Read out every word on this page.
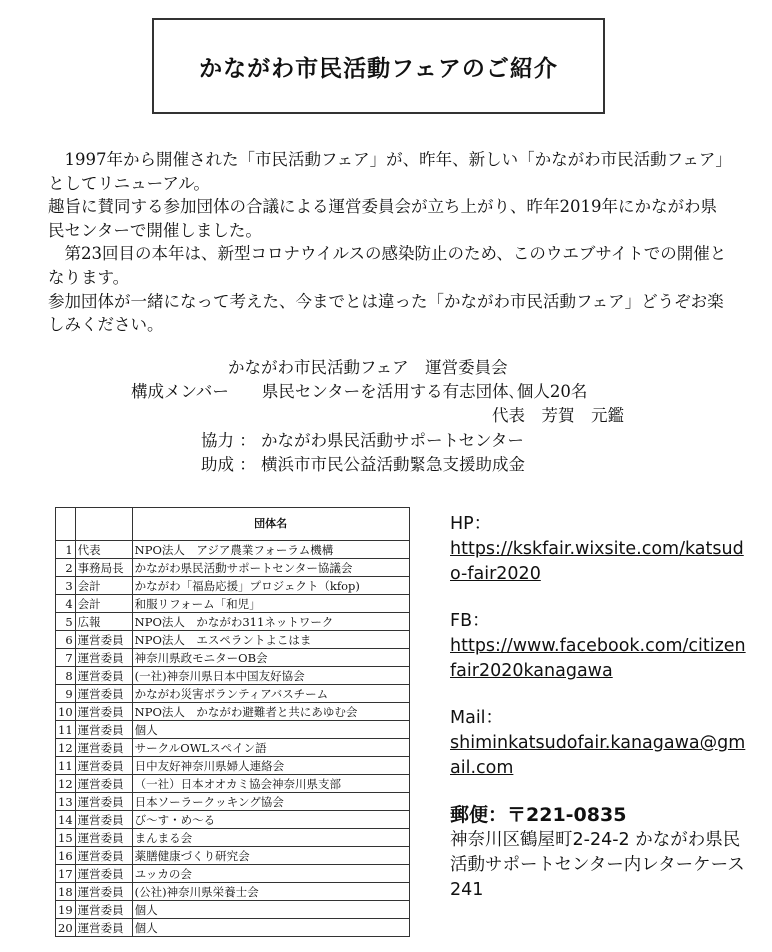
かながわ市民活動フェアのご紹介

1997年から開催された「市民活動フェア」が、昨年、新しい「かながわ市民活動フェア」としてリニューアル。

趣旨に賛同する参加団体の合議による運営委員会が立ち上がり、昨年2019年にかながわ県民センターで開催しました。

第23回目の本年は、新型コロナウイルスの感染防止のため、このウエブサイトでの開催となります。

参加団体が一緒になって考えた、今までとは違った「かながわ市民活動フェア」どうぞお楽しみください。

かながわ市民活動フェア　運営委員会
構成メンバー　　県民センターを活用する有志団体､個人20名
代表　芳賀　元鑑
協力 ： かながわ県民活動サポートセンター
助成 ： 横浜市市民公益活動緊急支援助成金
		団体名
1	代表	NPO法人　アジア農業フォーラム機構
2	事務局長	かながわ県民活動サポートセンター協議会
3	会計	かながわ「福島応援」プロジェクト（kfop)
4	会計	和服リフォーム「和児」
5	広報	NPO法人　かながわ311ネットワーク
6	運営委員	NPO法人　エスペラントよこはま
7	運営委員	神奈川県政モニターOB会
8	運営委員	(一社)神奈川県日本中国友好協会
9	運営委員	かながわ災害ボランティアバスチーム
10	運営委員	NPO法人　かながわ避難者と共にあゆむ会
11	運営委員	個人
12	運営委員	サークルOWLスペイン語
11	運営委員	日中友好神奈川県婦人連絡会
12	運営委員	（一社）日本オオカミ協会神奈川県支部
13	運営委員	日本ソーラークッキング協会
14	運営委員	び～す・め～る
15	運営委員	まんまる会
16	運営委員	薬膳健康づくり研究会
17	運営委員	ユッカの会
18	運営委員	(公社)神奈川県栄養士会
19	運営委員	個人
20	運営委員	個人
HP：
https://kskfair.wixsite.com/katsudo-fair2020
FB：
https://www.facebook.com/citizenfair2020kanagawa
Mail：
shiminkatsudofair.kanagawa@gmail.com
郵便：〒221-0835
神奈川区鶴屋町2-24-2 かながわ県民活動サポートセンター内レターケース241
